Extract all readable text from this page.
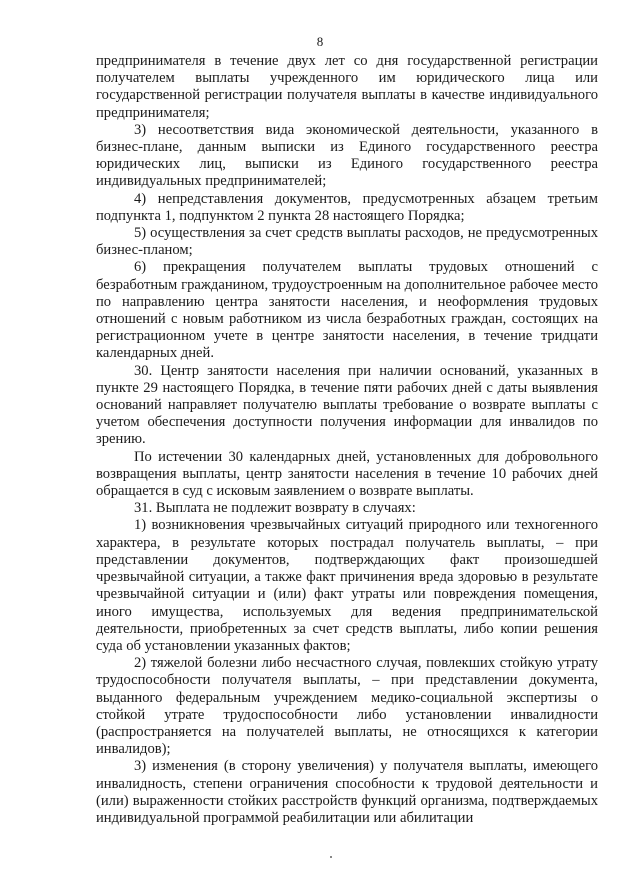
8

предпринимателя в течение двух лет со дня государственной регистрации получателем выплаты учрежденного им юридического лица или государственной регистрации получателя выплаты в качестве индивидуального предпринимателя;

3) несоответствия вида экономической деятельности, указанного в бизнес-плане, данным выписки из Единого государственного реестра юридических лиц, выписки из Единого государственного реестра индивидуальных предпринимателей;

4) непредставления документов, предусмотренных абзацем третьим подпункта 1, подпунктом 2 пункта 28 настоящего Порядка;

5) осуществления за счет средств выплаты расходов, не предусмотренных бизнес-планом;

6) прекращения получателем выплаты трудовых отношений с безработным гражданином, трудоустроенным на дополнительное рабочее место по направлению центра занятости населения, и неоформления трудовых отношений с новым работником из числа безработных граждан, состоящих на регистрационном учете в центре занятости населения, в течение тридцати календарных дней.

30. Центр занятости населения при наличии оснований, указанных в пункте 29 настоящего Порядка, в течение пяти рабочих дней с даты выявления оснований направляет получателю выплаты требование о возврате выплаты с учетом обеспечения доступности получения информации для инвалидов по зрению.

По истечении 30 календарных дней, установленных для добровольного возвращения выплаты, центр занятости населения в течение 10 рабочих дней обращается в суд с исковым заявлением о возврате выплаты.

31. Выплата не подлежит возврату в случаях:

1) возникновения чрезвычайных ситуаций природного или техногенного характера, в результате которых пострадал получатель выплаты, – при представлении документов, подтверждающих факт произошедшей чрезвычайной ситуации, а также факт причинения вреда здоровью в результате чрезвычайной ситуации и (или) факт утраты или повреждения помещения, иного имущества, используемых для ведения предпринимательской деятельности, приобретенных за счет средств выплаты, либо копии решения суда об установлении указанных фактов;

2) тяжелой болезни либо несчастного случая, повлекших стойкую утрату трудоспособности получателя выплаты, – при представлении документа, выданного федеральным учреждением медико-социальной экспертизы о стойкой утрате трудоспособности либо установлении инвалидности (распространяется на получателей выплаты, не относящихся к категории инвалидов);

3) изменения (в сторону увеличения) у получателя выплаты, имеющего инвалидность, степени ограничения способности к трудовой деятельности и (или) выраженности стойких расстройств функций организма, подтверждаемых индивидуальной программой реабилитации или абилитации
